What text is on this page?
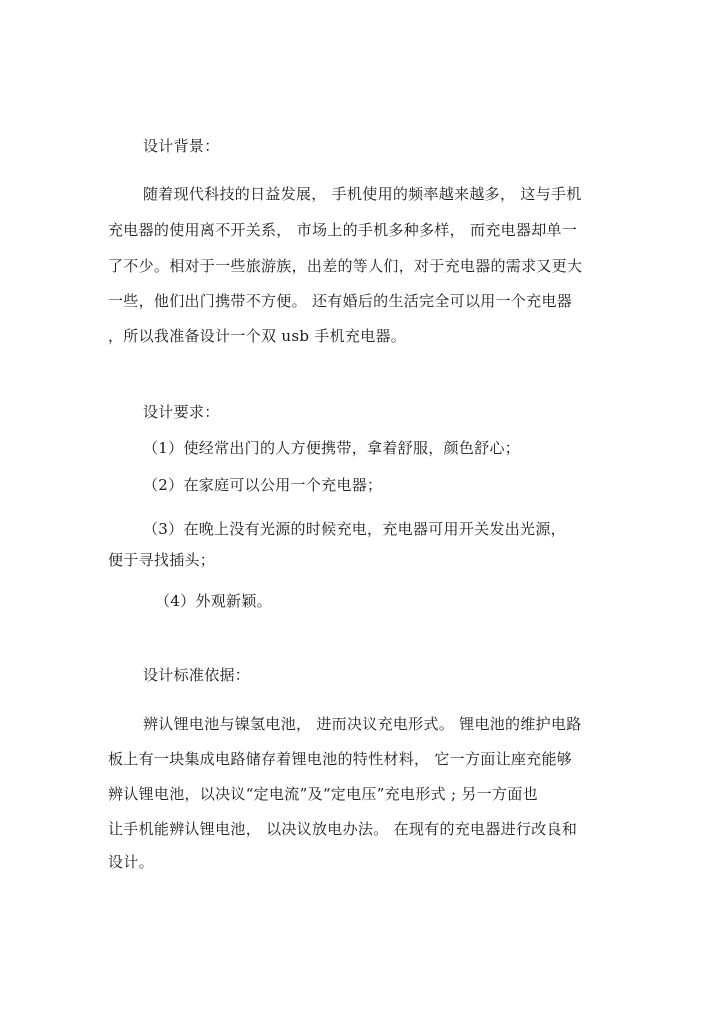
设计背景：
随着现代科技的日益发展， 手机使用的频率越来越多， 这与手机
充电器的使用离不开关系， 市场上的手机多种多样， 而充电器却单一
了不少。相对于一些旅游族，出差的等人们，对于充电器的需求又更大
一些，他们出门携带不方便。 还有婚后的生活完全可以用一个充电器
，所以我准备设计一个双 usb 手机充电器。
设计要求：
（1）使经常出门的人方便携带，拿着舒服，颜色舒心；
（2）在家庭可以公用一个充电器；
（3）在晚上没有光源的时候充电，充电器可用开关发出光源，
便于寻找插头；
（4）外观新颖。
设计标准依据：
辨认锂电池与镍氢电池， 进而决议充电形式。 锂电池的维护电路
板上有一块集成电路储存着锂电池的特性材料， 它一方面让座充能够
辨认锂电池，以决议“定电流”及“定电压”充电形式 ; 另一方面也
让手机能辨认锂电池， 以决议放电办法。 在现有的充电器进行改良和
设计。
